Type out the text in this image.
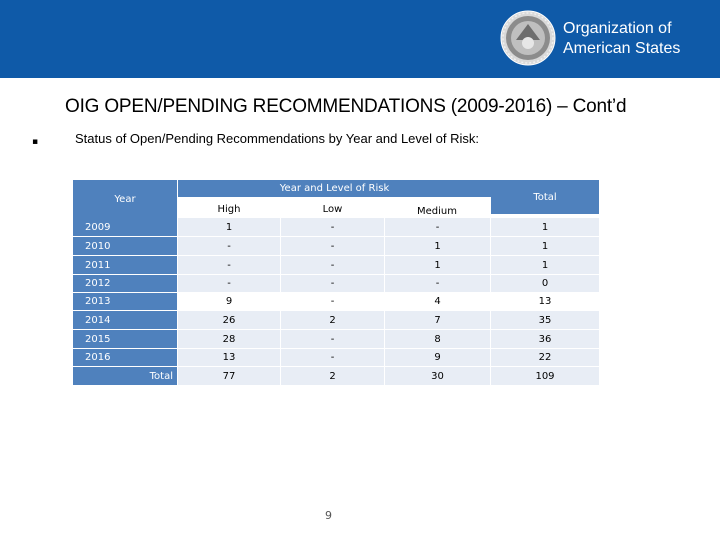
Organization of
American States
OIG OPEN/PENDING RECOMMENDATIONS (2009-2016) – Cont’d
▪	Status of Open/Pending Recommendations by Year and Level of Risk:
Year
Year and Level of Risk
High	Low	Medium
Total
2009	1	-	-	1
2010	-	-	1	1
2011	-	-	1	1
2012	-	-	-	0
2013	9	-	4	13
2014	26	2	7	35
2015	28	-	8	36
2016	13	-	9	22
Total	77	2	30	109
9
